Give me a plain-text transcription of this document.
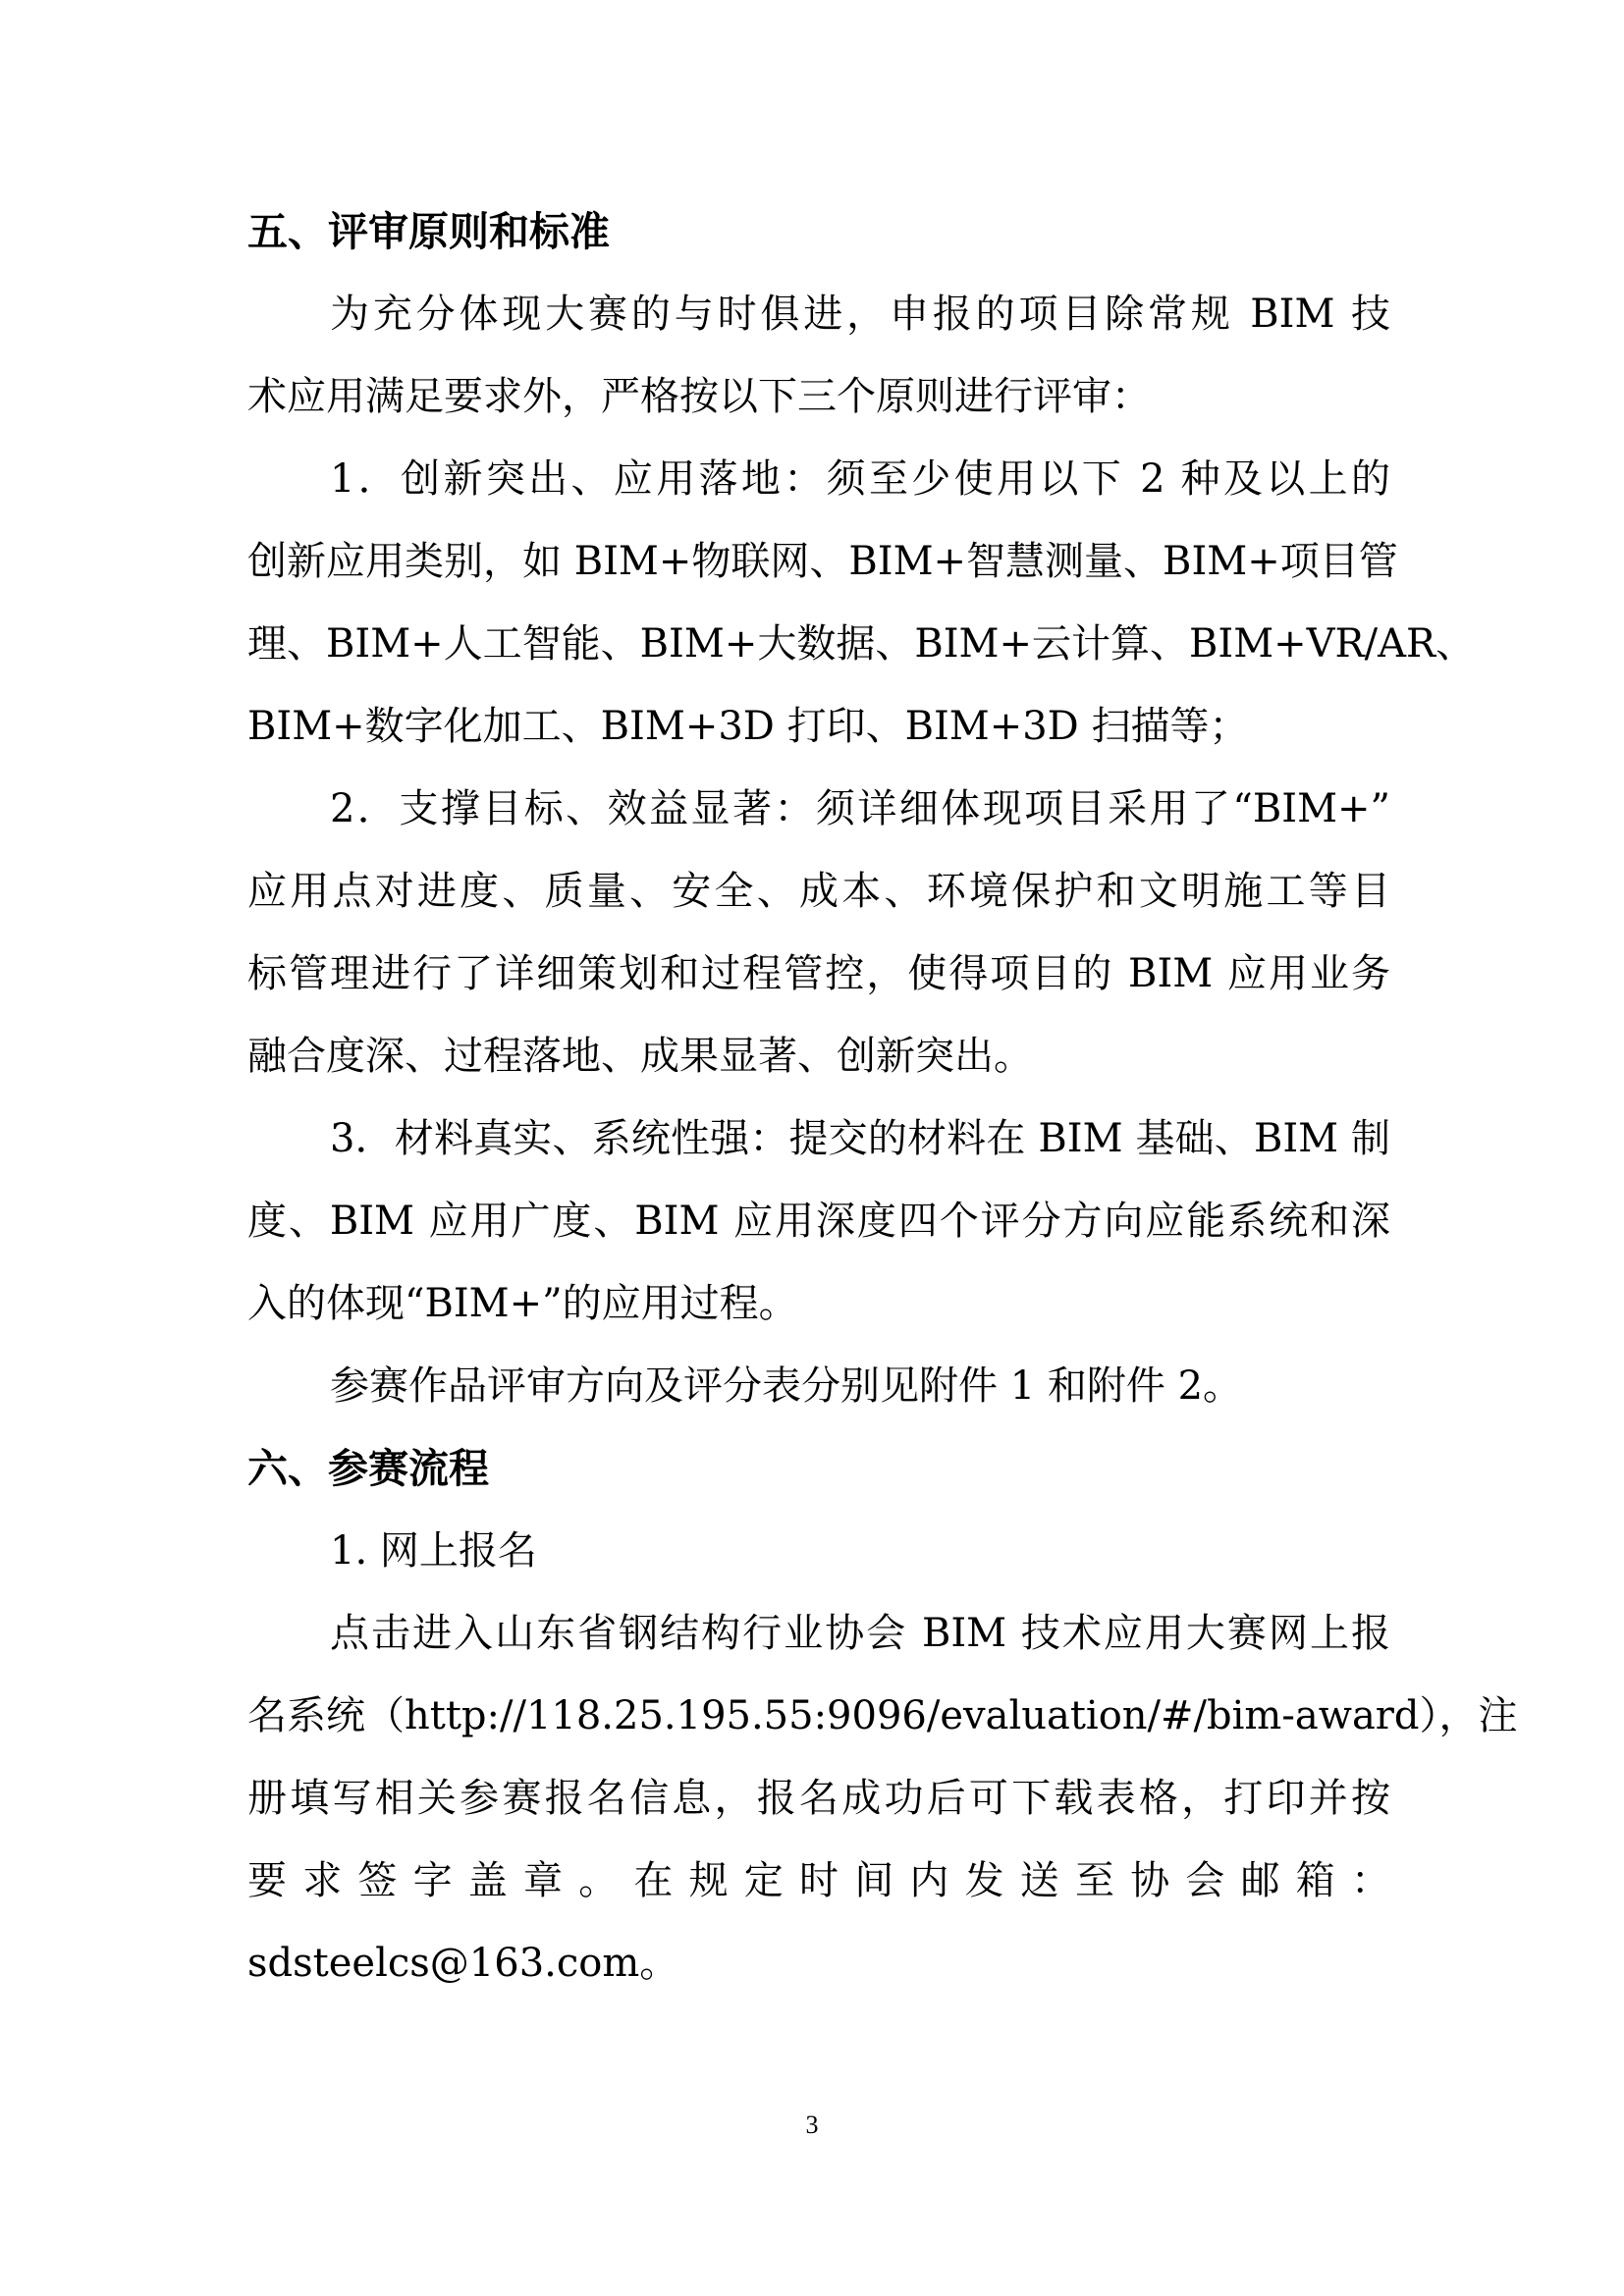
五、评审原则和标准
为充分体现大赛的与时俱进，申报的项目除常规 BIM 技
术应用满足要求外，严格按以下三个原则进行评审：
1．创新突出、应用落地：须至少使用以下 2 种及以上的
创新应用类别，如 BIM+物联网、BIM+智慧测量、BIM+项目管
理、BIM+人工智能、BIM+大数据、BIM+云计算、BIM+VR/AR、
BIM+数字化加工、BIM+3D 打印、BIM+3D 扫描等；
2．支撑目标、效益显著：须详细体现项目采用了“BIM+”
应用点对进度、质量、安全、成本、环境保护和文明施工等目
标管理进行了详细策划和过程管控，使得项目的 BIM 应用业务
融合度深、过程落地、成果显著、创新突出。
3．材料真实、系统性强：提交的材料在 BIM 基础、BIM 制
度、BIM 应用广度、BIM 应用深度四个评分方向应能系统和深
入的体现“BIM+”的应用过程。
参赛作品评审方向及评分表分别见附件 1 和附件 2。
六、参赛流程
1. 网上报名
点击进入山东省钢结构行业协会 BIM 技术应用大赛网上报
名系统（http://118.25.195.55:9096/evaluation/#/bim-award），注
册填写相关参赛报名信息，报名成功后可下载表格，打印并按
要 求 签 字 盖 章 。 在 规 定 时 间 内 发 送 至 协 会 邮 箱 ：
sdsteelcs@163.com。
3
